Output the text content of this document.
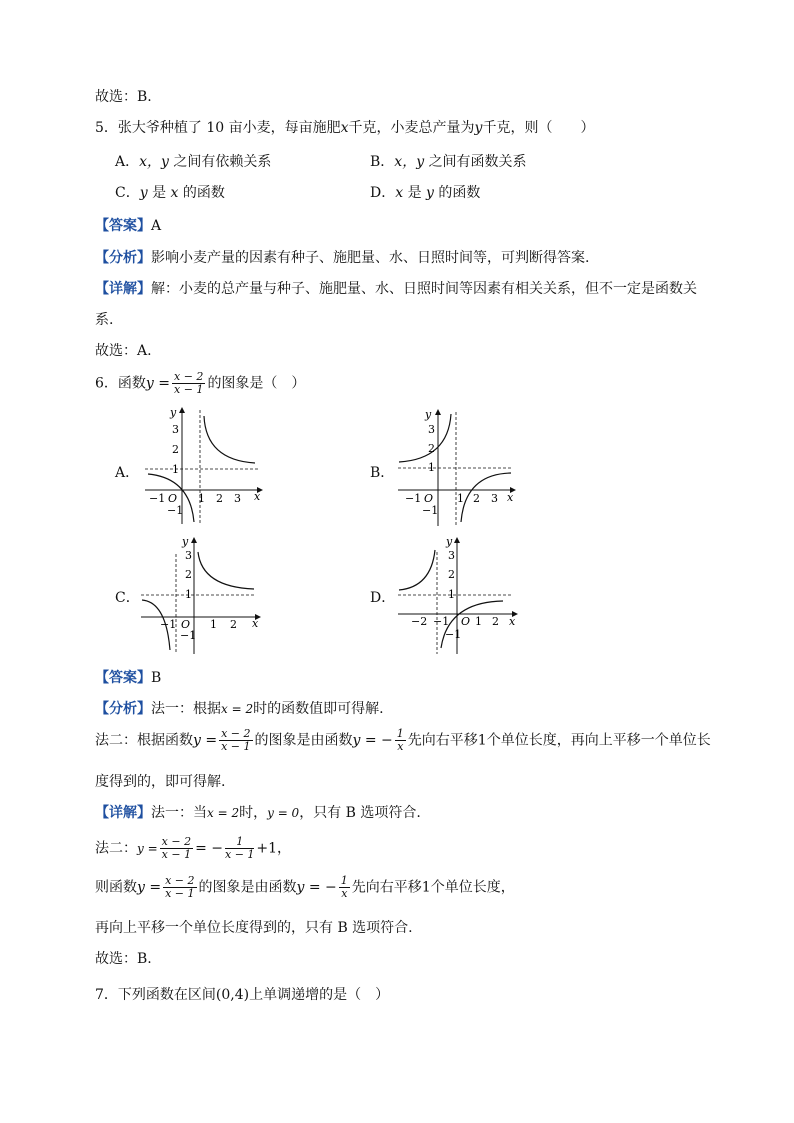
故选：B.
5．张大爷种植了 10 亩小麦，每亩施肥x千克，小麦总产量为y千克，则（　　）
A．x，y 之间有依赖关系	B．x，y 之间有函数关系
C．y 是 x 的函数	D．x 是 y 的函数
【答案】A
【分析】影响小麦产量的因素有种子、施肥量、水、日照时间等，可判断得答案.
【详解】解：小麦的总产量与种子、施肥量、水、日照时间等因素有相关关系，但不一定是函数关
系.
故选：A.
6．函数$y = \frac{x - 2}{x - 1}$ 的图象是（　）
A．	B．
C．	D．
y
x
3
2
1
O
−1
−1
1 2 3
y
x
3
2
1
O
−1
−1
1 2 3
y
x
3
2
1
O
−1
−1
1 2
y
x
3
2
1
O
−2 −1
−1
1 2
【答案】B
【分析】法一：根据x = 2时的函数值即可得解.
法二：根据函数$y = \frac{x - 2}{x - 1}$ 的图象是由函数y = − $\frac{1}{x}$ 先向右平移1个单位长度，再向上平移一个单位长
度得到的，即可得解.
【详解】法一：当x = 2时，y = 0，只有 B 选项符合.
法二：$y = \frac{x - 2}{x - 1}$ = − $\frac{1}{x - 1} +1$，
则函数$y = \frac{x - 2}{x - 1}$ 的图象是由函数y = − $\frac{1}{x}$ 先向右平移1个单位长度，
再向上平移一个单位长度得到的，只有 B 选项符合.
故选：B.
7．下列函数在区间(0,4)上单调递增的是（　）
